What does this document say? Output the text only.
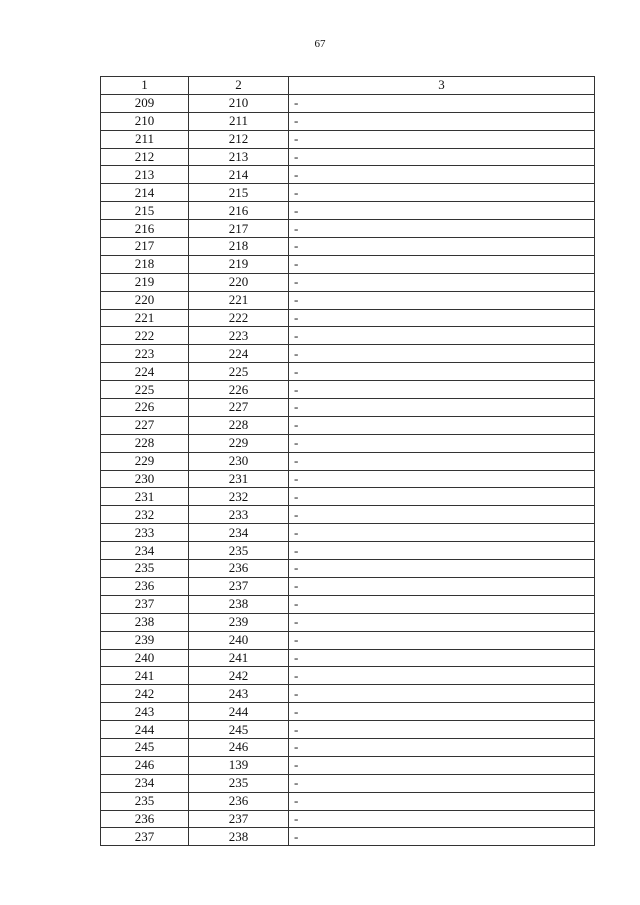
67
1	2	3
209	210	-
210	211	-
211	212	-
212	213	-
213	214	-
214	215	-
215	216	-
216	217	-
217	218	-
218	219	-
219	220	-
220	221	-
221	222	-
222	223	-
223	224	-
224	225	-
225	226	-
226	227	-
227	228	-
228	229	-
229	230	-
230	231	-
231	232	-
232	233	-
233	234	-
234	235	-
235	236	-
236	237	-
237	238	-
238	239	-
239	240	-
240	241	-
241	242	-
242	243	-
243	244	-
244	245	-
245	246	-
246	139	-
234	235	-
235	236	-
236	237	-
237	238	-
